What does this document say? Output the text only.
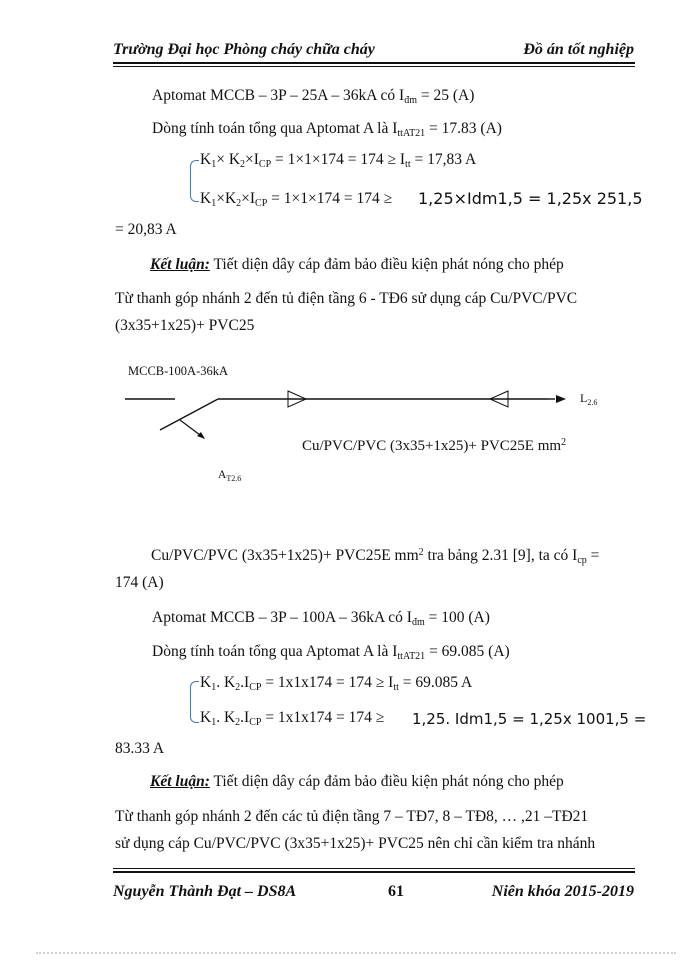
Trường Đại học Phòng cháy chữa cháy	Đồ án tốt nghiệp
Aptomat MCCB – 3P – 25A – 36kA có $I_{đm} = 25$ (A)
Dòng tính toán tổng qua Aptomat A là $I_{ttAT21} = 17.83$ (A)
$K_1\times K_2\times I_{CP} = 1\times 1\times 174 = 174 \ge I_{tt} = 17,83$ A
$K_1\times K_2\times I_{CP} = 1\times 1\times 174 = 174 \ge 1,25\times Idm1,5 = 1,25x$ 251,5
= 20,83 A
Kết luận: Tiết diện dây cáp đảm bảo điều kiện phát nóng cho phép
Từ thanh góp nhánh 2 đến tủ điện tầng 6 - TĐ6 sử dụng cáp Cu/PVC/PVC
(3x35+1x25)+ PVC25
MCCB-100A-36kA
$L_{2.6}$
Cu/PVC/PVC (3x35+1x25)+ PVC25E $mm^2$
$A_{T2.6}$
Cu/PVC/PVC (3x35+1x25)+ PVC25E $mm^2$ tra bảng 2.31 [9], ta có $I_{cp}$ =
174 (A)
Aptomat MCCB – 3P – 100A – 36kA có $I_{đm} = 100$ (A)
Dòng tính toán tổng qua Aptomat A là $I_{ttAT21} = 69.085$ (A)
$K_1$. $K_2.I_{CP} = 1x1x174 = 174 \ge I_{tt} = 69.085$ A
$K_1$. $K_2.I_{CP} = 1x1x174 = 174 \ge 1,25$. Idm1,5 = 1,25x 1001,5 =
83.33 A
Kết luận: Tiết diện dây cáp đảm bảo điều kiện phát nóng cho phép
Từ thanh góp nhánh 2 đến các tủ điện tầng 7 – TĐ7, 8 – TĐ8, … ,21 –TĐ21
sử dụng cáp Cu/PVC/PVC (3x35+1x25)+ PVC25 nên chỉ cần kiểm tra nhánh
Nguyễn Thành Đạt – DS8A	61	Niên khóa 2015-2019
